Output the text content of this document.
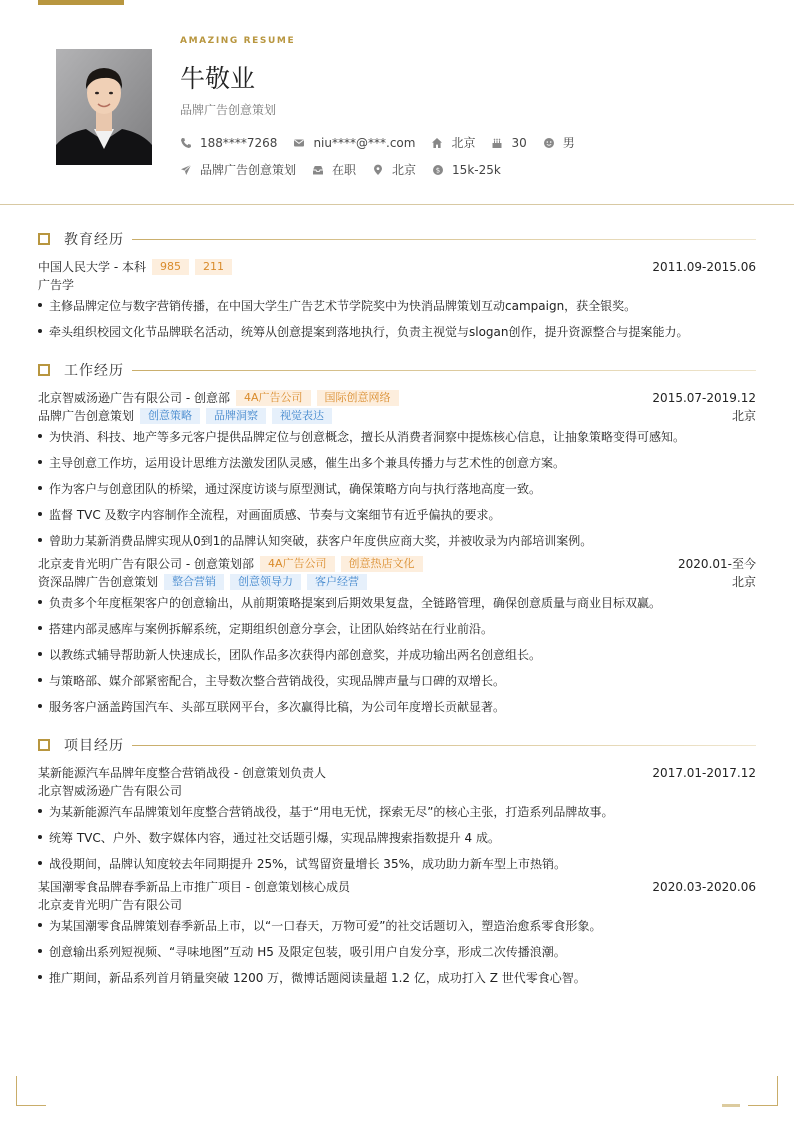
AMAZING RESUME
牛敬业
品牌广告创意策划
188****7268	niu****@***.com	北京	30	男
品牌广告创意策划	在职	北京	$ 15k-25k
教育经历
中国人民大学 - 本科	985	211	2011.09-2015.06
广告学
主修品牌定位与数字营销传播，在中国大学生广告艺术节学院奖中为快消品牌策划互动campaign，获全银奖。
牵头组织校园文化节品牌联名活动，统筹从创意提案到落地执行，负责主视觉与slogan创作，提升资源整合与提案能力。
工作经历
北京智威汤逊广告有限公司 - 创意部	4A广告公司	国际创意网络	2015.07-2019.12
品牌广告创意策划	创意策略	品牌洞察	视觉表达	北京
为快消、科技、地产等多元客户提供品牌定位与创意概念，擅长从消费者洞察中提炼核心信息，让抽象策略变得可感知。
主导创意工作坊，运用设计思维方法激发团队灵感，催生出多个兼具传播力与艺术性的创意方案。
作为客户与创意团队的桥梁，通过深度访谈与原型测试，确保策略方向与执行落地高度一致。
监督 TVC 及数字内容制作全流程，对画面质感、节奏与文案细节有近乎偏执的要求。
曾助力某新消费品牌实现从0到1的品牌认知突破，获客户年度供应商大奖，并被收录为内部培训案例。
北京麦肯光明广告有限公司 - 创意策划部	4A广告公司	创意热店文化	2020.01-至今
资深品牌广告创意策划	整合营销	创意领导力	客户经营	北京
负责多个年度框架客户的创意输出，从前期策略提案到后期效果复盘，全链路管理，确保创意质量与商业目标双赢。
搭建内部灵感库与案例拆解系统，定期组织创意分享会，让团队始终站在行业前沿。
以教练式辅导帮助新人快速成长，团队作品多次获得内部创意奖，并成功输出两名创意组长。
与策略部、媒介部紧密配合，主导数次整合营销战役，实现品牌声量与口碑的双增长。
服务客户涵盖跨国汽车、头部互联网平台，多次赢得比稿，为公司年度增长贡献显著。
项目经历
某新能源汽车品牌年度整合营销战役 - 创意策划负责人	2017.01-2017.12
北京智威汤逊广告有限公司
为某新能源汽车品牌策划年度整合营销战役，基于“用电无忧，探索无尽”的核心主张，打造系列品牌故事。
统筹 TVC、户外、数字媒体内容，通过社交话题引爆，实现品牌搜索指数提升 4 成。
战役期间，品牌认知度较去年同期提升 25%，试驾留资量增长 35%，成功助力新车型上市热销。
某国潮零食品牌春季新品上市推广项目 - 创意策划核心成员	2020.03-2020.06
北京麦肯光明广告有限公司
为某国潮零食品牌策划春季新品上市，以“一口春天，万物可爱”的社交话题切入，塑造治愈系零食形象。
创意输出系列短视频、“寻味地图”互动 H5 及限定包装，吸引用户自发分享，形成二次传播浪潮。
推广期间，新品系列首月销量突破 1200 万，微博话题阅读量超 1.2 亿，成功打入 Z 世代零食心智。
